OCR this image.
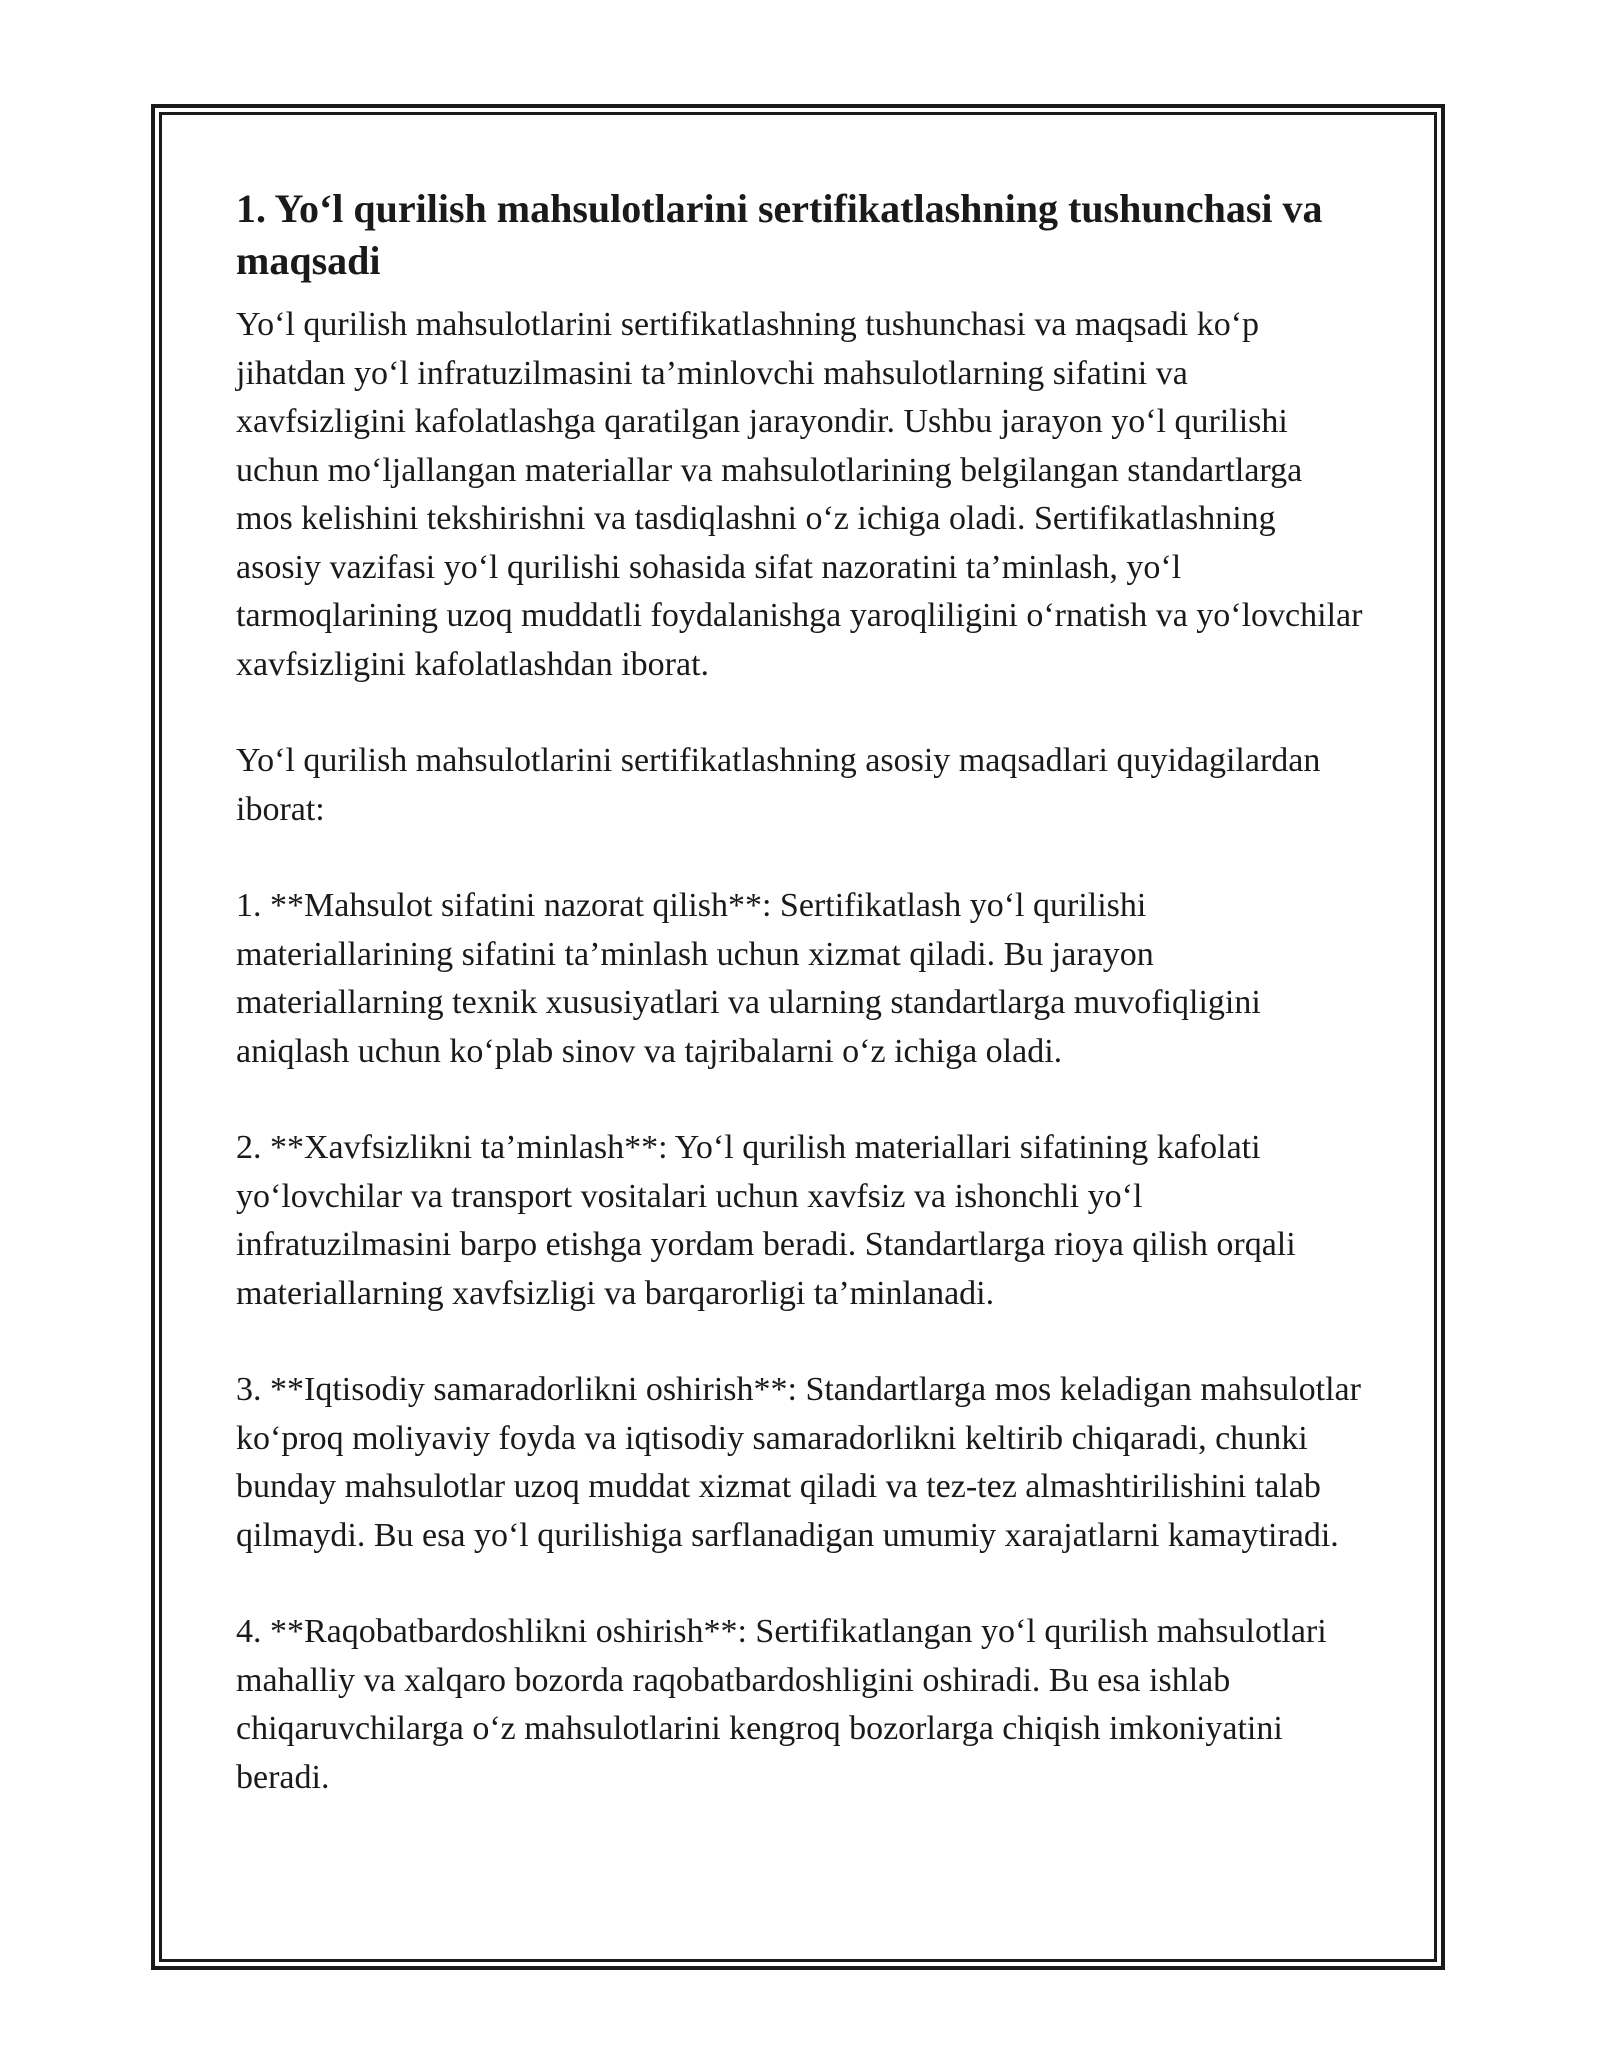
1. Yo‘l qurilish mahsulotlarini sertifikatlashning tushunchasi va maqsadi

Yo‘l qurilish mahsulotlarini sertifikatlashning tushunchasi va maqsadi ko‘p jihatdan yo‘l infratuzilmasini ta’minlovchi mahsulotlarning sifatini va xavfsizligini kafolatlashga qaratilgan jarayondir. Ushbu jarayon yo‘l qurilishi uchun mo‘ljallangan materiallar va mahsulotlarining belgilangan standartlarga mos kelishini tekshirishni va tasdiqlashni o‘z ichiga oladi. Sertifikatlashning asosiy vazifasi yo‘l qurilishi sohasida sifat nazoratini ta’minlash, yo‘l tarmoqlarining uzoq muddatli foydalanishga yaroqliligini o‘rnatish va yo‘lovchilar xavfsizligini kafolatlashdan iborat.

Yo‘l qurilish mahsulotlarini sertifikatlashning asosiy maqsadlari quyidagilardan iborat:

1. **Mahsulot sifatini nazorat qilish**: Sertifikatlash yo‘l qurilishi materiallarining sifatini ta’minlash uchun xizmat qiladi. Bu jarayon materiallarning texnik xususiyatlari va ularning standartlarga muvofiqligini aniqlash uchun ko‘plab sinov va tajribalarni o‘z ichiga oladi.

2. **Xavfsizlikni ta’minlash**: Yo‘l qurilish materiallari sifatining kafolati yo‘lovchilar va transport vositalari uchun xavfsiz va ishonchli yo‘l infratuzilmasini barpo etishga yordam beradi. Standartlarga rioya qilish orqali materiallarning xavfsizligi va barqarorligi ta’minlanadi.

3. **Iqtisodiy samaradorlikni oshirish**: Standartlarga mos keladigan mahsulotlar ko‘proq moliyaviy foyda va iqtisodiy samaradorlikni keltirib chiqaradi, chunki bunday mahsulotlar uzoq muddat xizmat qiladi va tez-tez almashtirilishini talab qilmaydi. Bu esa yo‘l qurilishiga sarflanadigan umumiy xarajatlarni kamaytiradi.

4. **Raqobatbardoshlikni oshirish**: Sertifikatlangan yo‘l qurilish mahsulotlari mahalliy va xalqaro bozorda raqobatbardoshligini oshiradi. Bu esa ishlab chiqaruvchilarga o‘z mahsulotlarini kengroq bozorlarga chiqish imkoniyatini beradi.
